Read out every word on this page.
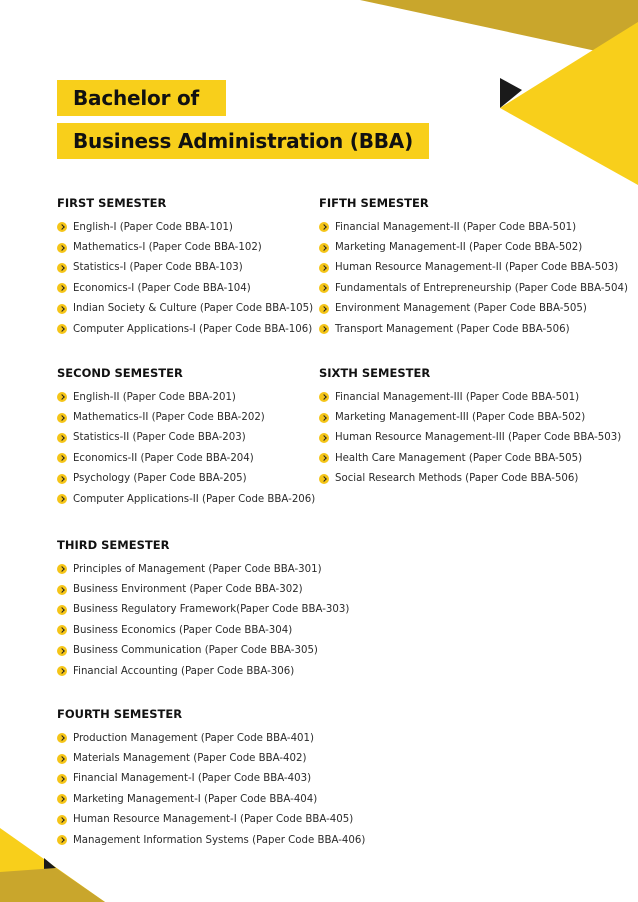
Bachelor of
Business Administration (BBA)
FIRST SEMESTER
English-I (Paper Code BBA-101)
Mathematics-I (Paper Code BBA-102)
Statistics-I (Paper Code BBA-103)
Economics-I (Paper Code BBA-104)
Indian Society & Culture (Paper Code BBA-105)
Computer Applications-I (Paper Code BBA-106)
SECOND SEMESTER
English-II (Paper Code BBA-201)
Mathematics-II (Paper Code BBA-202)
Statistics-II (Paper Code BBA-203)
Economics-II (Paper Code BBA-204)
Psychology (Paper Code BBA-205)
Computer Applications-II (Paper Code BBA-206)
THIRD SEMESTER
Principles of Management (Paper Code BBA-301)
Business Environment (Paper Code BBA-302)
Business Regulatory Framework(Paper Code BBA-303)
Business Economics (Paper Code BBA-304)
Business Communication (Paper Code BBA-305)
Financial Accounting (Paper Code BBA-306)
FOURTH SEMESTER
Production Management (Paper Code BBA-401)
Materials Management (Paper Code BBA-402)
Financial Management-I (Paper Code BBA-403)
Marketing Management-I (Paper Code BBA-404)
Human Resource Management-I (Paper Code BBA-405)
Management Information Systems (Paper Code BBA-406)
FIFTH SEMESTER
Financial Management-II (Paper Code BBA-501)
Marketing Management-II (Paper Code BBA-502)
Human Resource Management-II (Paper Code BBA-503)
Fundamentals of Entrepreneurship (Paper Code BBA-504)
Environment Management (Paper Code BBA-505)
Transport Management (Paper Code BBA-506)
SIXTH SEMESTER
Financial Management-III (Paper Code BBA-501)
Marketing Management-III (Paper Code BBA-502)
Human Resource Management-III (Paper Code BBA-503)
Health Care Management (Paper Code BBA-505)
Social Research Methods (Paper Code BBA-506)
